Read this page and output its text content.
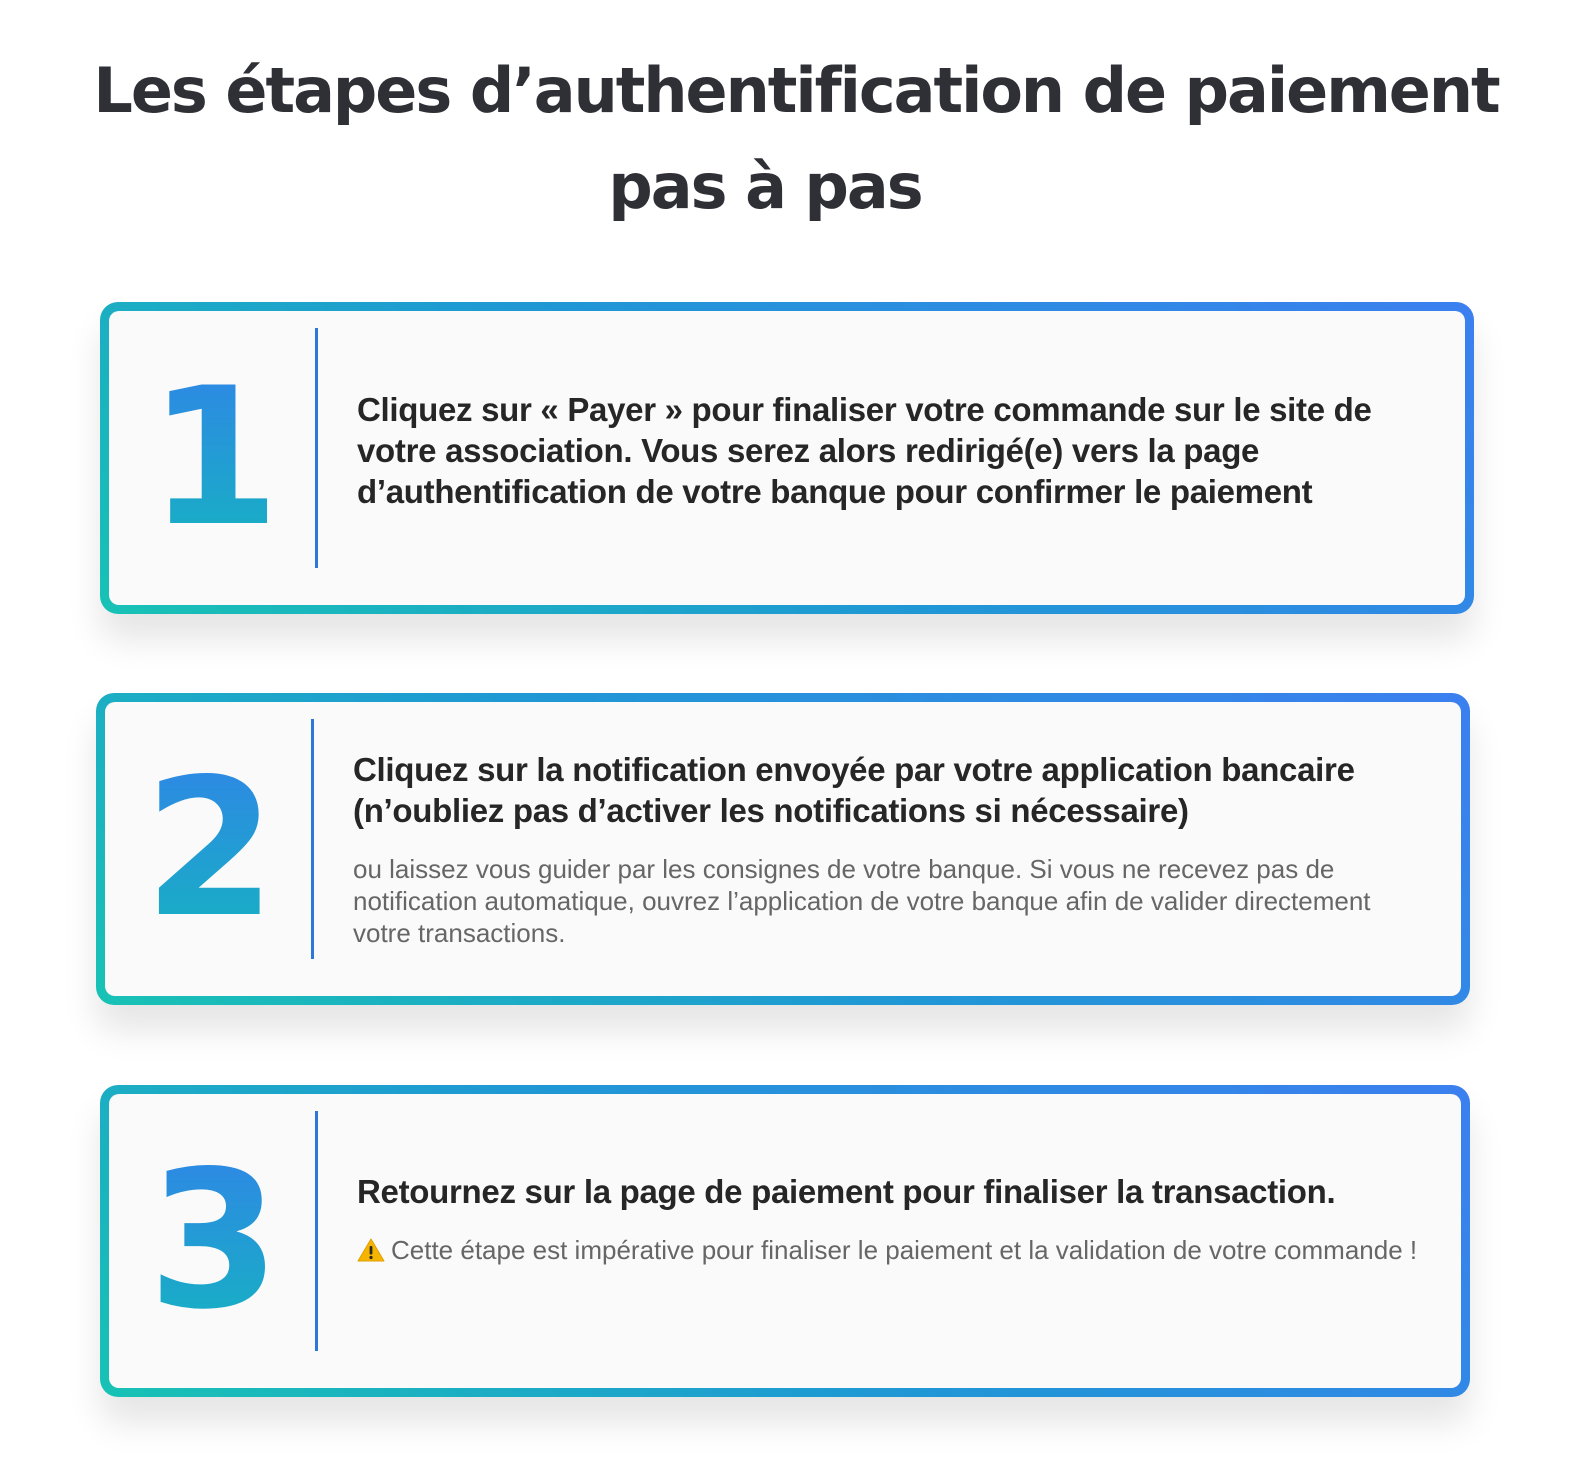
Les étapes d’authentification de paiement
pas à pas
1	Cliquez sur « Payer » pour finaliser votre commande sur le site de votre association. Vous serez alors redirigé(e) vers la page d’authentification de votre banque pour confirmer le paiement

2	Cliquez sur la notification envoyée par votre application bancaire (n’oubliez pas d’activer les notifications si nécessaire)

ou laissez vous guider par les consignes de votre banque. Si vous ne recevez pas de notification automatique, ouvrez l’application de votre banque afin de valider directement votre transactions.

3	Retournez sur la page de paiement pour finaliser la transaction.

Cette étape est impérative pour finaliser le paiement et la validation de votre commande !
